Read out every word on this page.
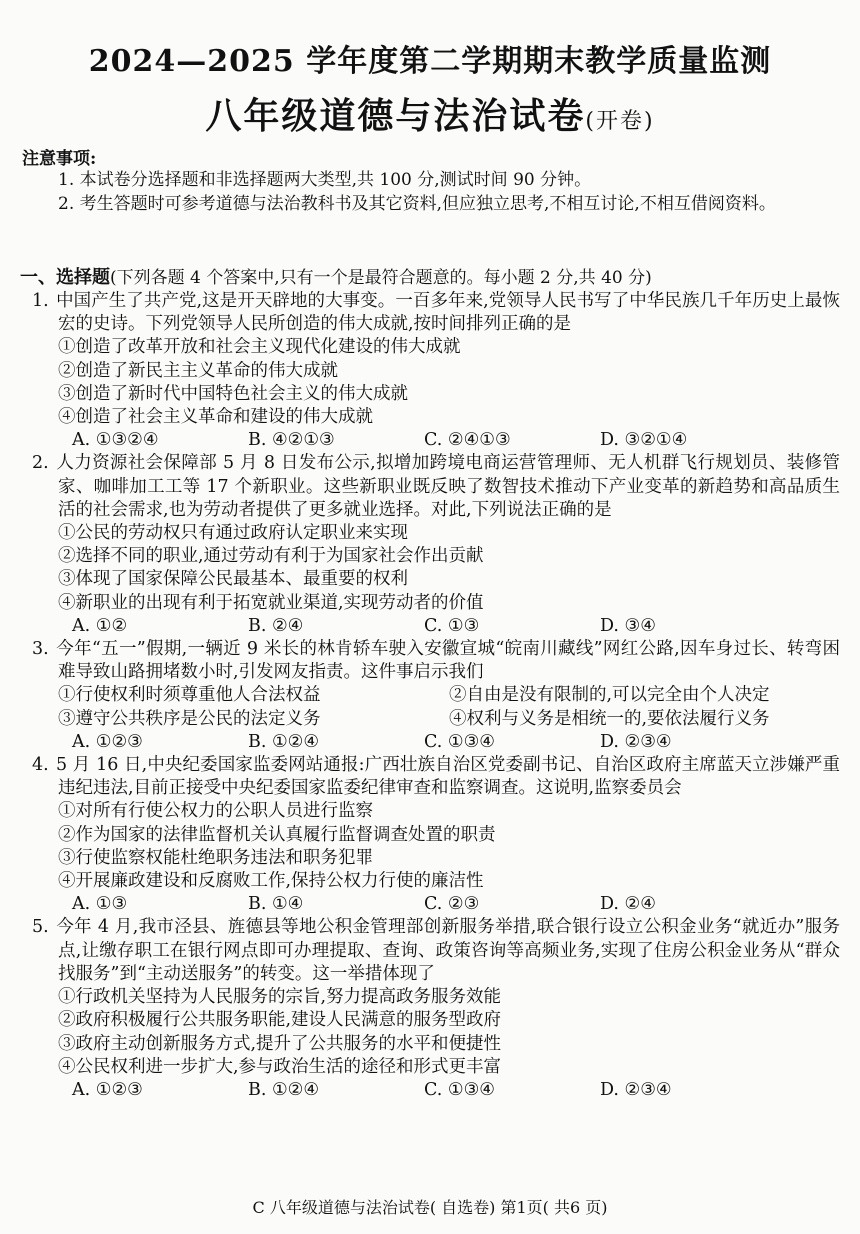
2024—2025 学年度第二学期期末教学质量监测
八年级道德与法治试卷(开卷)
注意事项:
1. 本试卷分选择题和非选择题两大类型,共 100 分,测试时间 90 分钟。
2. 考生答题时可参考道德与法治教科书及其它资料,但应独立思考,不相互讨论,不相互借阅资料。
一、选择题(下列各题 4 个答案中,只有一个是最符合题意的。每小题 2 分,共 40 分)
1. 中国产生了共产党,这是开天辟地的大事变。一百多年来,党领导人民书写了中华民族几千年历史上最恢宏的史诗。下列党领导人民所创造的伟大成就,按时间排列正确的是
①创造了改革开放和社会主义现代化建设的伟大成就
②创造了新民主主义革命的伟大成就
③创造了新时代中国特色社会主义的伟大成就
④创造了社会主义革命和建设的伟大成就
A. ①③②④	B. ④②①③	C. ②④①③	D. ③②①④
2. 人力资源社会保障部 5 月 8 日发布公示,拟增加跨境电商运营管理师、无人机群飞行规划员、装修管家、咖啡加工工等 17 个新职业。这些新职业既反映了数智技术推动下产业变革的新趋势和高品质生活的社会需求,也为劳动者提供了更多就业选择。对此,下列说法正确的是
①公民的劳动权只有通过政府认定职业来实现
②选择不同的职业,通过劳动有利于为国家社会作出贡献
③体现了国家保障公民最基本、最重要的权利
④新职业的出现有利于拓宽就业渠道,实现劳动者的价值
A. ①②	B. ②④	C. ①③	D. ③④
3. 今年“五一”假期,一辆近 9 米长的林肯轿车驶入安徽宣城“皖南川藏线”网红公路,因车身过长、转弯困难导致山路拥堵数小时,引发网友指责。这件事启示我们
①行使权利时须尊重他人合法权益	②自由是没有限制的,可以完全由个人决定
③遵守公共秩序是公民的法定义务	④权利与义务是相统一的,要依法履行义务
A. ①②③	B. ①②④	C. ①③④	D. ②③④
4. 5 月 16 日,中央纪委国家监委网站通报:广西壮族自治区党委副书记、自治区政府主席蓝天立涉嫌严重违纪违法,目前正接受中央纪委国家监委纪律审查和监察调查。这说明,监察委员会
①对所有行使公权力的公职人员进行监察
②作为国家的法律监督机关认真履行监督调查处置的职责
③行使监察权能杜绝职务违法和职务犯罪
④开展廉政建设和反腐败工作,保持公权力行使的廉洁性
A. ①③	B. ①④	C. ②③	D. ②④
5. 今年 4 月,我市泾县、旌德县等地公积金管理部创新服务举措,联合银行设立公积金业务“就近办”服务点,让缴存职工在银行网点即可办理提取、查询、政策咨询等高频业务,实现了住房公积金业务从“群众找服务”到“主动送服务”的转变。这一举措体现了
①行政机关坚持为人民服务的宗旨,努力提高政务服务效能
②政府积极履行公共服务职能,建设人民满意的服务型政府
③政府主动创新服务方式,提升了公共服务的水平和便捷性
④公民权利进一步扩大,参与政治生活的途径和形式更丰富
A. ①②③	B. ①②④	C. ①③④	D. ②③④
C 八年级道德与法治试卷( 自选卷) 第1页( 共6 页)
